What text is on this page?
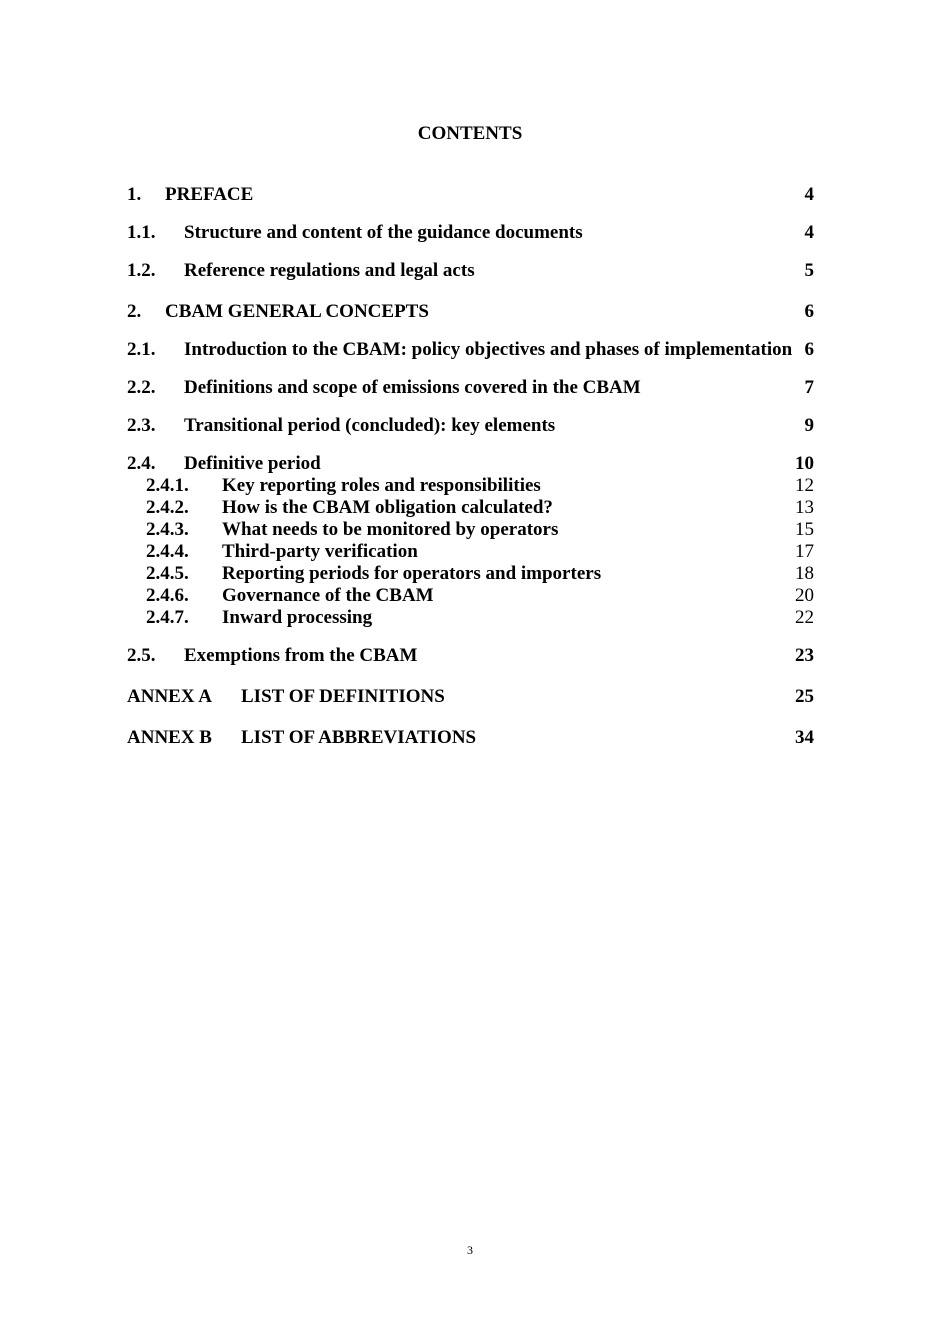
CONTENTS
1. PREFACE	4
1.1. Structure and content of the guidance documents	4
1.2. Reference regulations and legal acts	5
2. CBAM GENERAL CONCEPTS	6
2.1. Introduction to the CBAM: policy objectives and phases of implementation 6
2.2. Definitions and scope of emissions covered in the CBAM	7
2.3. Transitional period (concluded): key elements	9
2.4. Definitive period	10
2.4.1. Key reporting roles and responsibilities	12
2.4.2. How is the CBAM obligation calculated?	13
2.4.3. What needs to be monitored by operators	15
2.4.4. Third-party verification	17
2.4.5. Reporting periods for operators and importers	18
2.4.6. Governance of the CBAM	20
2.4.7. Inward processing	22
2.5. Exemptions from the CBAM	23
ANNEX A LIST OF DEFINITIONS	25
ANNEX B LIST OF ABBREVIATIONS	34
3
